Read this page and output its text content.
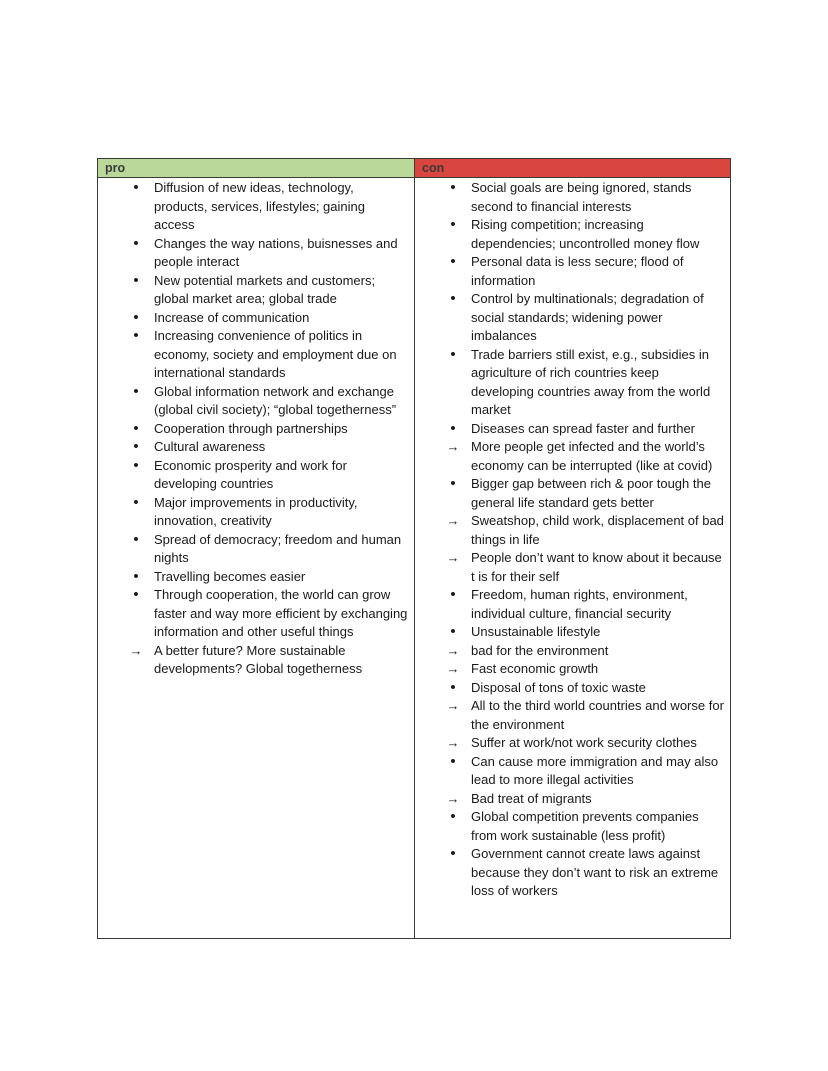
pro
•	Diffusion of new ideas, technology, products, services, lifestyles; gaining access
•	Changes the way nations, buisnesses and people interact
•	New potential markets and customers; global market area; global trade
•	Increase of communication
•	Increasing convenience of politics in economy, society and employment due on international standards
•	Global information network and exchange (global civil society); “global togetherness”
•	Cooperation through partnerships
•	Cultural awareness
•	Economic prosperity and work for developing countries
•	Major improvements in productivity, innovation, creativity
•	Spread of democracy; freedom and human nights
•	Travelling becomes easier
•	Through cooperation, the world can grow faster and way more efficient by exchanging information and other useful things
→ A better future? More sustainable developments? Global togetherness
con
•	Social goals are being ignored, stands second to financial interests
•	Rising competition; increasing dependencies; uncontrolled money flow
•	Personal data is less secure; flood of information
•	Control by multinationals; degradation of social standards; widening power imbalances
•	Trade barriers still exist, e.g., subsidies in agriculture of rich countries keep developing countries away from the world market
•	Diseases can spread faster and further
→ More people get infected and the world’s economy can be interrupted (like at covid)
•	Bigger gap between rich & poor tough the general life standard gets better
→ Sweatshop, child work, displacement of bad things in life
→ People don’t want to know about it because t is for their self
•	Freedom, human rights, environment, individual culture, financial security
•	Unsustainable lifestyle
→ bad for the environment
→ Fast economic growth
•	Disposal of tons of toxic waste
→ All to the third world countries and worse for the environment
→ Suffer at work/not work security clothes
•	Can cause more immigration and may also lead to more illegal activities
→ Bad treat of migrants
•	Global competition prevents companies from work sustainable (less profit)
•	Government cannot create laws against because they don’t want to risk an extreme loss of workers
